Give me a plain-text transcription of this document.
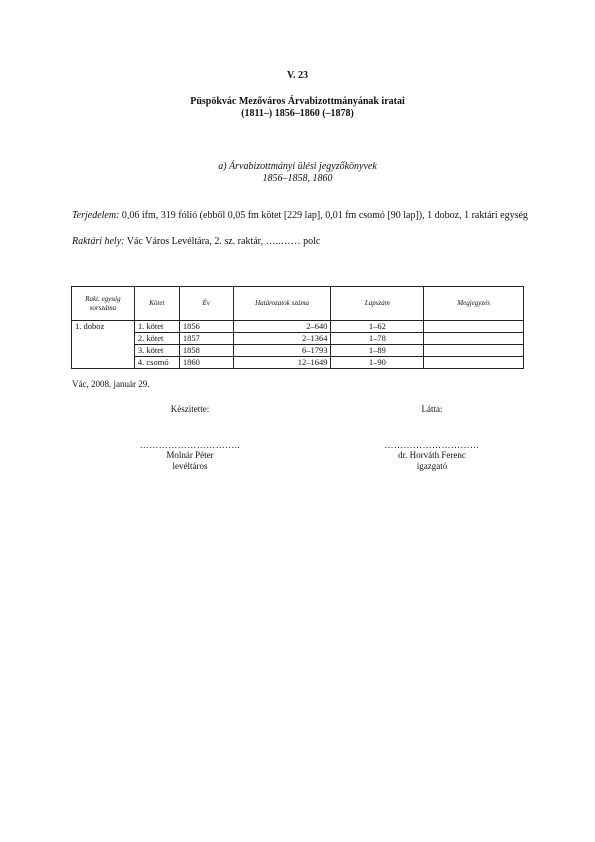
V. 23
Püspökvác Mezőváros Árvabizottmányának iratai
(1811–) 1856–1860 (–1878)
a) Árvabizottmányi ülési jegyzőkönyvek
1856–1858, 1860
Terjedelem: 0,06 ifm, 319 fólió (ebből 0,05 fm kötet [229 lap], 0,01 fm csomó [90 lap]), 1 doboz, 1 raktári egység
Raktári hely: Vác Város Levéltára, 2. sz. raktár, …..…… polc
Rakt. egység sorszáma	Kötet	Év	Határozatok száma	Lapszám	Megjegyzés
1. doboz	1. kötet	1856	2–640	1–62	
	2. kötet	1857	2–1364	1–78	
	3. kötet	1858	6–1793	1–89	
	4. csomó	1860	12–1649	1–90	
Vác, 2008. január 29.
Készítette:	Látta:
…………………………..	…………………………
Molnár Péter
levéltáros
dr. Horváth Ferenc
igazgató
